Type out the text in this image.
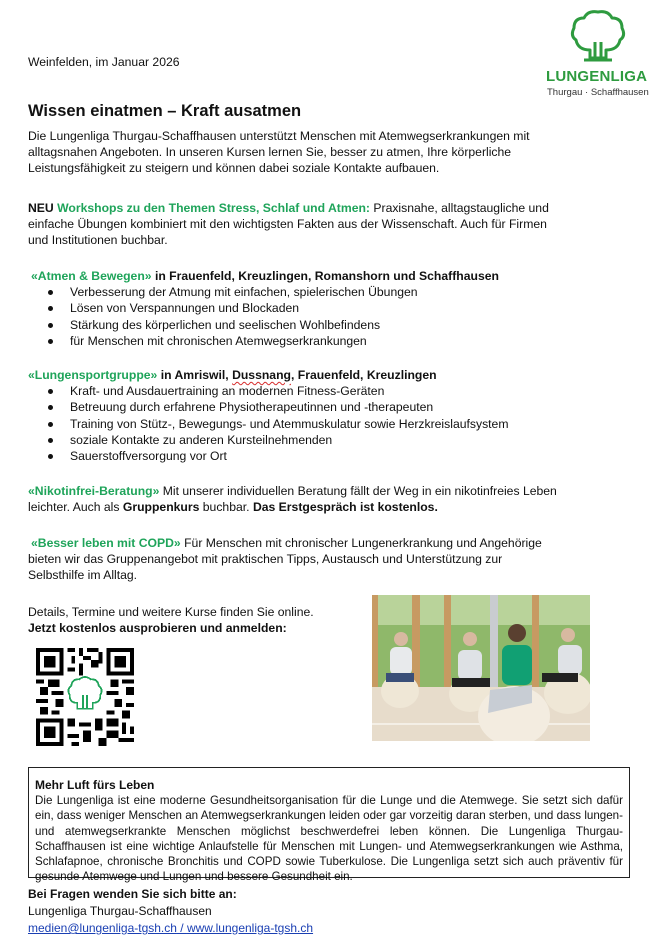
LUNGENLIGA
Thurgau · Schaffhausen
Weinfelden, im Januar 2026
Wissen einatmen – Kraft ausatmen
Die Lungenliga Thurgau-Schaffhausen unterstützt Menschen mit Atemwegserkrankungen mit
alltagsnahen Angeboten. In unseren Kursen lernen Sie, besser zu atmen, Ihre körperliche
Leistungsfähigkeit zu steigern und können dabei soziale Kontakte aufbauen.
NEU Workshops zu den Themen Stress, Schlaf und Atmen: Praxisnahe, alltagstaugliche und
einfache Übungen kombiniert mit den wichtigsten Fakten aus der Wissenschaft. Auch für Firmen
und Institutionen buchbar.
«Atmen & Bewegen» in Frauenfeld, Kreuzlingen, Romanshorn und Schaffhausen
Verbesserung der Atmung mit einfachen, spielerischen Übungen
Lösen von Verspannungen und Blockaden
Stärkung des körperlichen und seelischen Wohlbefindens
für Menschen mit chronischen Atemwegserkrankungen
«Lungensportgruppe» in Amriswil, Dussnang, Frauenfeld, Kreuzlingen
Kraft- und Ausdauertraining an modernen Fitness-Geräten
Betreuung durch erfahrene Physiotherapeutinnen und -therapeuten
Training von Stütz-, Bewegungs- und Atemmuskulatur sowie Herzkreislaufsystem
soziale Kontakte zu anderen Kursteilnehmenden
Sauerstoffversorgung vor Ort
«Nikotinfrei-Beratung» Mit unserer individuellen Beratung fällt der Weg in ein nikotinfreies Leben
leichter. Auch als Gruppenkurs buchbar. Das Erstgespräch ist kostenlos.
«Besser leben mit COPD» Für Menschen mit chronischer Lungenerkrankung und Angehörige
bieten wir das Gruppenangebot mit praktischen Tipps, Austausch und Unterstützung zur
Selbsthilfe im Alltag.
Details, Termine und weitere Kurse finden Sie online.
Jetzt kostenlos ausprobieren und anmelden:
Mehr Luft fürs Leben
Die Lungenliga ist eine moderne Gesundheitsorganisation für die Lunge und die Atemwege. Sie setzt sich dafür ein, dass weniger Menschen an Atemwegserkrankungen leiden oder gar vorzeitig daran sterben, und dass lungen- und atemwegserkrankte Menschen möglichst beschwerdefrei leben können. Die Lungenliga Thurgau-Schaffhausen ist eine wichtige Anlaufstelle für Menschen mit Lungen- und Atemwegserkrankungen wie Asthma, Schlafapnoe, chronische Bronchitis und COPD sowie Tuberkulose. Die Lungenliga setzt sich auch präventiv für gesunde Atemwege und Lungen und bessere Gesundheit ein.
Bei Fragen wenden Sie sich bitte an:
Lungenliga Thurgau-Schaffhausen
medien@lungenliga-tgsh.ch / www.lungenliga-tgsh.ch
